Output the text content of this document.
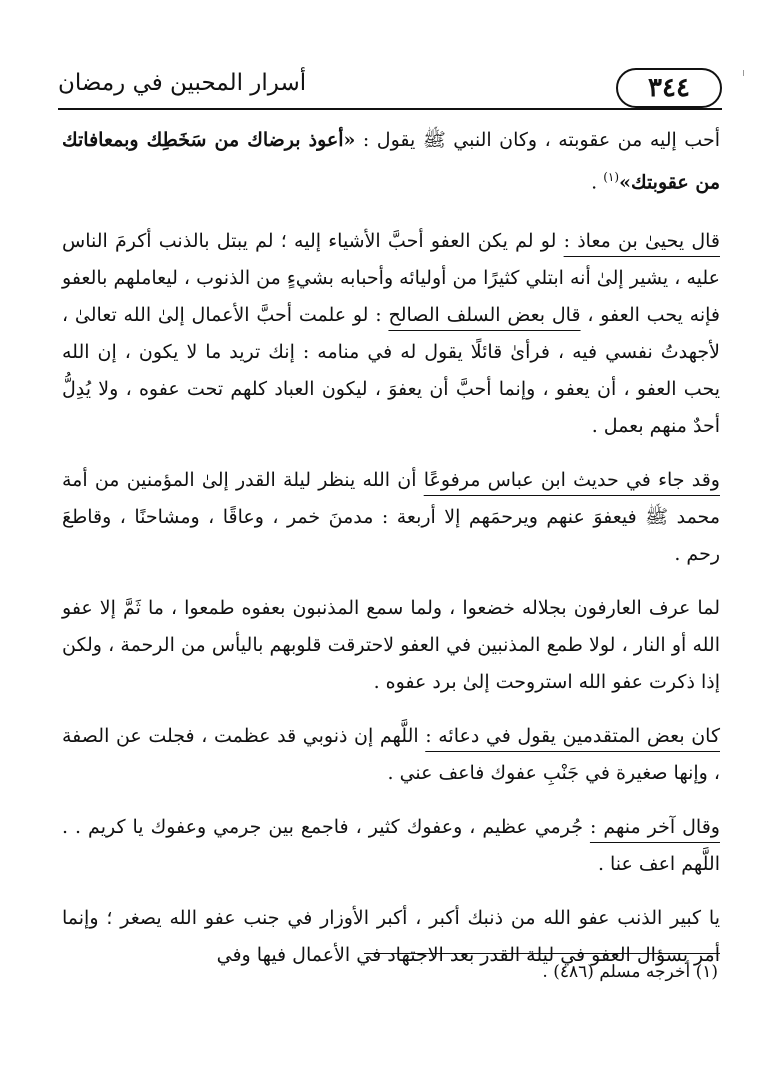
٣٤٤
أسرار المحبين في رمضان

أحب إليه من عقوبته ، وكان النبي ﷺ يقول : «أعوذ برضاك من سَخَطِك وبمعافاتك من عقوبتك»$^{(١)}$ .

قال يحيىٰ بن معاذ : لو لم يكن العفو أحبَّ الأشياء إليه ؛ لم يبتل بالذنب أكرمَ الناس عليه ، يشير إلىٰ أنه ابتلي كثيرًا من أوليائه وأحبابه بشيءٍ من الذنوب ، ليعاملهم بالعفو فإنه يحب العفو ، قال بعض السلف الصالح : لو علمت أحبَّ الأعمال إلىٰ الله تعالىٰ ، لأجهدتُ نفسي فيه ، فرأىٰ قائلًا يقول له في منامه : إنك تريد ما لا يكون ، إن الله يحب العفو ، أن يعفو ، وإنما أحبَّ أن يعفوَ ، ليكون العباد كلهم تحت عفوه ، ولا يُدِلُّ أحدٌ منهم بعمل .

وقد جاء في حديث ابن عباس مرفوعًا أن الله ينظر ليلة القدر إلىٰ المؤمنين من أمة محمد ﷺ فيعفوَ عنهم ويرحمَهم إلا أربعة : مدمنَ خمر ، وعاقًا ، ومشاحنًا ، وقاطعَ رحم .

لما عرف العارفون بجلاله خضعوا ، ولما سمع المذنبون بعفوه طمعوا ، ما ثَمَّ إلا عفو الله أو النار ، لولا طمع المذنبين في العفو لاحترقت قلوبهم باليأس من الرحمة ، ولكن إذا ذكرت عفو الله استروحت إلىٰ برد عفوه .

كان بعض المتقدمين يقول في دعائه : اللَّهم إن ذنوبي قد عظمت ، فجلت عن الصفة ، وإنها صغيرة في جَنْبِ عفوك فاعف عني .

وقال آخر منهم : جُرمي عظيم ، وعفوك كثير ، فاجمع بين جرمي وعفوك يا كريم . . اللَّهم اعف عنا .

يا كبير الذنب عفو الله من ذنبك أكبر ، أكبر الأوزار في جنب عفو الله يصغر ؛ وإنما أمر بسؤال العفو في ليلة القدر بعد الاجتهاد في الأعمال فيها وفي

(١) أخرجه مسلم (٤٨٦) .
